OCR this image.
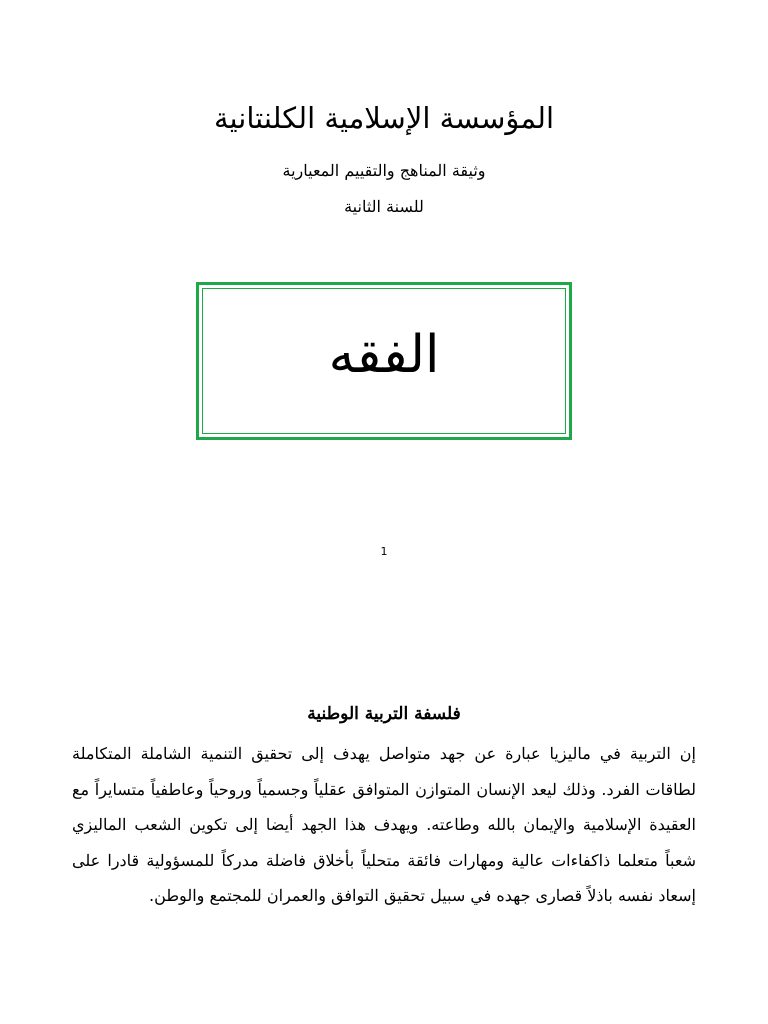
المؤسسة الإسلامية الكلنتانية
وثيقة المناهج والتقييم المعيارية
للسنة الثانية
الفقه
1
فلسفة التربية الوطنية
إن التربية في ماليزيا عبارة عن جهد متواصل يهدف إلى تحقيق التنمية الشاملة المتكاملة لطاقات الفرد. وذلك ليعد الإنسان المتوازن المتوافق عقلياً وجسمياً وروحياً وعاطفياً متسايراً مع العقيدة الإسلامية والإيمان بالله وطاعته. ويهدف هذا الجهد أيضا إلى تكوين الشعب الماليزي شعباً متعلما ذاكفاءات عالية ومهارات فائقة متحلياً بأخلاق فاضلة مدركاً للمسؤولية قادرا على إسعاد نفسه باذلاً قصارى جهده في سبيل تحقيق التوافق والعمران للمجتمع والوطن.
